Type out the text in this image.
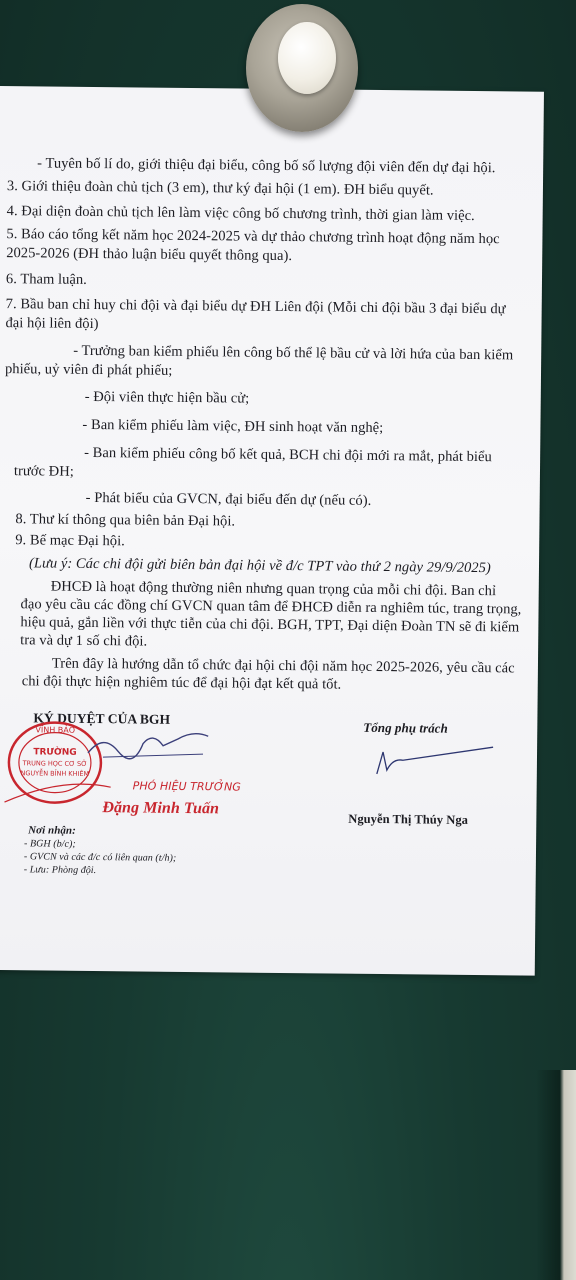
- Tuyên bố lí do, giới thiệu đại biểu, công bố số lượng đội viên đến dự đại hội.
3. Giới thiệu đoàn chủ tịch (3 em), thư ký đại hội (1 em). ĐH biểu quyết.
4. Đại diện đoàn chủ tịch lên làm việc công bố chương trình, thời gian làm việc.
5. Báo cáo tổng kết năm học 2024-2025 và dự thảo chương trình hoạt động năm học
2025-2026 (ĐH thảo luận biểu quyết thông qua).
6. Tham luận.
7. Bầu ban chỉ huy chi đội và đại biểu dự ĐH Liên đội (Mỗi chi đội bầu 3 đại biểu dự
đại hội liên đội)
- Trưởng ban kiểm phiếu lên công bố thể lệ bầu cử và lời hứa của ban kiểm
phiếu, uỷ viên đi phát phiếu;
- Đội viên thực hiện bầu cử;
- Ban kiểm phiếu làm việc, ĐH sinh hoạt văn nghệ;
- Ban kiểm phiếu công bố kết quả, BCH chi đội mới ra mắt, phát biểu
trước ĐH;
- Phát biểu của GVCN, đại biểu đến dự (nếu có).
8. Thư kí thông qua biên bản Đại hội.
9. Bế mạc Đại hội.
(Lưu ý: Các chi đội gửi biên bản đại hội về đ/c TPT vào thứ 2 ngày 29/9/2025)
ĐHCĐ là hoạt động thường niên nhưng quan trọng của mỗi chi đội. Ban chỉ
đạo yêu cầu các đồng chí GVCN quan tâm để ĐHCĐ diễn ra nghiêm túc, trang trọng,
hiệu quả, gắn liền với thực tiễn của chi đội. BGH, TPT, Đại diện Đoàn TN sẽ đi kiểm
tra và dự 1 số chi đội.
Trên đây là hướng dẫn tổ chức đại hội chi đội năm học 2025-2026, yêu cầu các
chi đội thực hiện nghiêm túc để đại hội đạt kết quả tốt.
KÝ DUYỆT CỦA BGH
Tổng phụ trách
VĨNH BẢO
TRƯỜNG
TRUNG HỌC CƠ SỞ
NGUYỄN BỈNH KHIÊM
PHÓ HIỆU TRƯỞNG
Đặng Minh Tuấn
Nguyễn Thị Thúy Nga
Nơi nhận:
- BGH (b/c);
- GVCN và các đ/c có liên quan (t/h);
- Lưu: Phòng đội.
